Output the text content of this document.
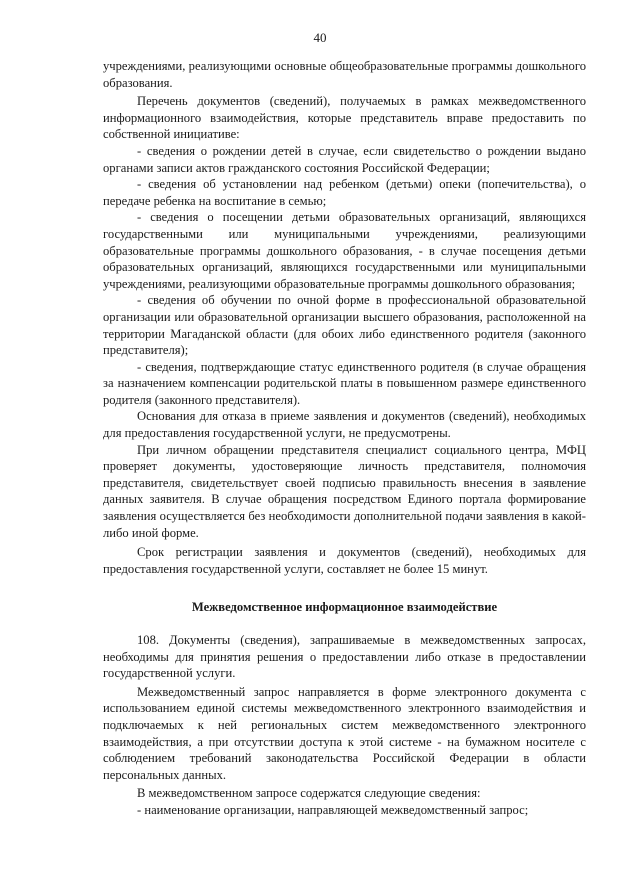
40

учреждениями, реализующими основные общеобразовательные программы дошкольного образования.

Перечень документов (сведений), получаемых в рамках межведомственного информационного взаимодействия, которые представитель вправе предоставить по собственной инициативе:

- сведения о рождении детей в случае, если свидетельство о рождении выдано органами записи актов гражданского состояния Российской Федерации;

- сведения об установлении над ребенком (детьми) опеки (попечительства), о передаче ребенка на воспитание в семью;

- сведения о посещении детьми образовательных организаций, являющихся государственными или муниципальными учреждениями, реализующими образовательные программы дошкольного образования, - в случае посещения детьми образовательных организаций, являющихся государственными или муниципальными учреждениями, реализующими образовательные программы дошкольного образования;

- сведения об обучении по очной форме в профессиональной образовательной организации или образовательной организации высшего образования, расположенной на территории Магаданской области (для обоих либо единственного родителя (законного представителя);

- сведения, подтверждающие статус единственного родителя (в случае обращения за назначением компенсации родительской платы в повышенном размере единственного родителя (законного представителя).

Основания для отказа в приеме заявления и документов (сведений), необходимых для предоставления государственной услуги, не предусмотрены.

При личном обращении представителя специалист социального центра, МФЦ проверяет документы, удостоверяющие личность представителя, полномочия представителя, свидетельствует своей подписью правильность внесения в заявление данных заявителя. В случае обращения посредством Единого портала формирование заявления осуществляется без необходимости дополнительной подачи заявления в какой-либо иной форме.

Срок регистрации заявления и документов (сведений), необходимых для предоставления государственной услуги, составляет не более 15 минут.

Межведомственное информационное взаимодействие

108. Документы (сведения), запрашиваемые в межведомственных запросах, необходимы для принятия решения о предоставлении либо отказе в предоставлении государственной услуги.

Межведомственный запрос направляется в форме электронного документа с использованием единой системы межведомственного электронного взаимодействия и подключаемых к ней региональных систем межведомственного электронного взаимодействия, а при отсутствии доступа к этой системе - на бумажном носителе с соблюдением требований законодательства Российской Федерации в области персональных данных.

В межведомственном запросе содержатся следующие сведения:

- наименование организации, направляющей межведомственный запрос;
